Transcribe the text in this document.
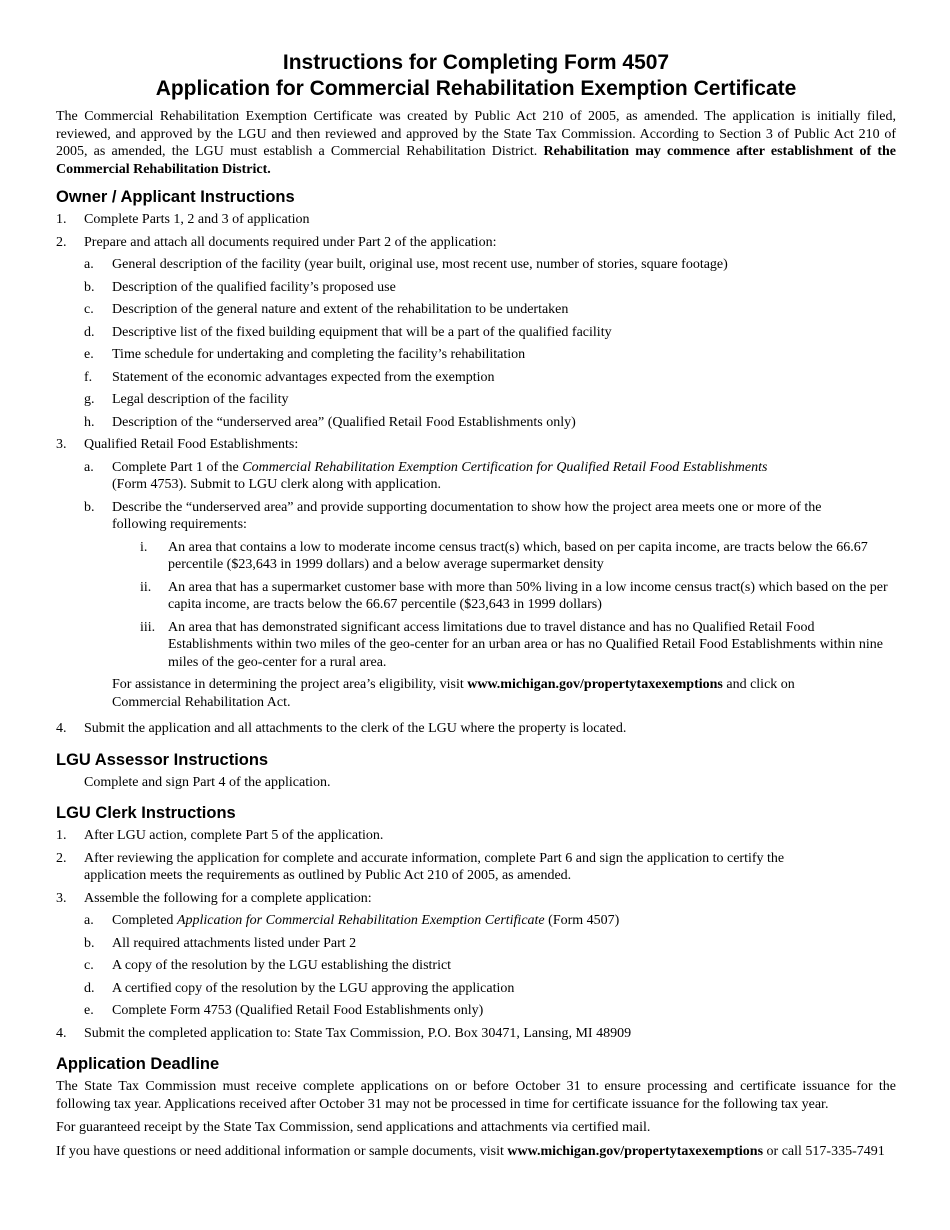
Instructions for Completing Form 4507
Application for Commercial Rehabilitation Exemption Certificate

The Commercial Rehabilitation Exemption Certificate was created by Public Act 210 of 2005, as amended. The application is initially filed, reviewed, and approved by the LGU and then reviewed and approved by the State Tax Commission. According to Section 3 of Public Act 210 of 2005, as amended, the LGU must establish a Commercial Rehabilitation District. Rehabilitation may commence after establishment of the Commercial Rehabilitation District.

Owner / Applicant Instructions
1.	Complete Parts 1, 2 and 3 of application
2.	Prepare and attach all documents required under Part 2 of the application:
a.	General description of the facility (year built, original use, most recent use, number of stories, square footage)
b.	Description of the qualified facility’s proposed use
c.	Description of the general nature and extent of the rehabilitation to be undertaken
d.	Descriptive list of the fixed building equipment that will be a part of the qualified facility
e.	Time schedule for undertaking and completing the facility’s rehabilitation
f.	Statement of the economic advantages expected from the exemption
g.	Legal description of the facility
h.	Description of the “underserved area” (Qualified Retail Food Establishments only)
3.	Qualified Retail Food Establishments:
a.	Complete Part 1 of the Commercial Rehabilitation Exemption Certification for Qualified Retail Food Establishments
(Form 4753). Submit to LGU clerk along with application.
b.	Describe the “underserved area” and provide supporting documentation to show how the project area meets one or more of the following requirements:
i.	An area that contains a low to moderate income census tract(s) which, based on per capita income, are tracts below the 66.67 percentile ($23,643 in 1999 dollars) and a below average supermarket density
ii.	An area that has a supermarket customer base with more than 50% living in a low income census tract(s) which based on the per capita income, are tracts below the 66.67 percentile ($23,643 in 1999 dollars)
iii. An area that has demonstrated significant access limitations due to travel distance and has no Qualified Retail Food Establishments within two miles of the geo-center for an urban area or has no Qualified Retail Food Establishments within nine miles of the geo-center for a rural area.
For assistance in determining the project area’s eligibility, visit www.michigan.gov/propertytaxexemptions and click on Commercial Rehabilitation Act.
4.	Submit the application and all attachments to the clerk of the LGU where the property is located.
LGU Assessor Instructions
Complete and sign Part 4 of the application.
LGU Clerk Instructions
1.	After LGU action, complete Part 5 of the application.
2.	After reviewing the application for complete and accurate information, complete Part 6 and sign the application to certify the application meets the requirements as outlined by Public Act 210 of 2005, as amended.
3.	Assemble the following for a complete application:
a.	Completed Application for Commercial Rehabilitation Exemption Certificate (Form 4507)
b.	All required attachments listed under Part 2
c.	A copy of the resolution by the LGU establishing the district
d.	A certified copy of the resolution by the LGU approving the application
e.	Complete Form 4753 (Qualified Retail Food Establishments only)
4.	Submit the completed application to: State Tax Commission, P.O. Box 30471, Lansing, MI 48909
Application Deadline

The State Tax Commission must receive complete applications on or before October 31 to ensure processing and certificate issuance for the following tax year. Applications received after October 31 may not be processed in time for certificate issuance for the following tax year.

For guaranteed receipt by the State Tax Commission, send applications and attachments via certified mail.

If you have questions or need additional information or sample documents, visit www.michigan.gov/propertytaxexemptions or call 517-335-7491
